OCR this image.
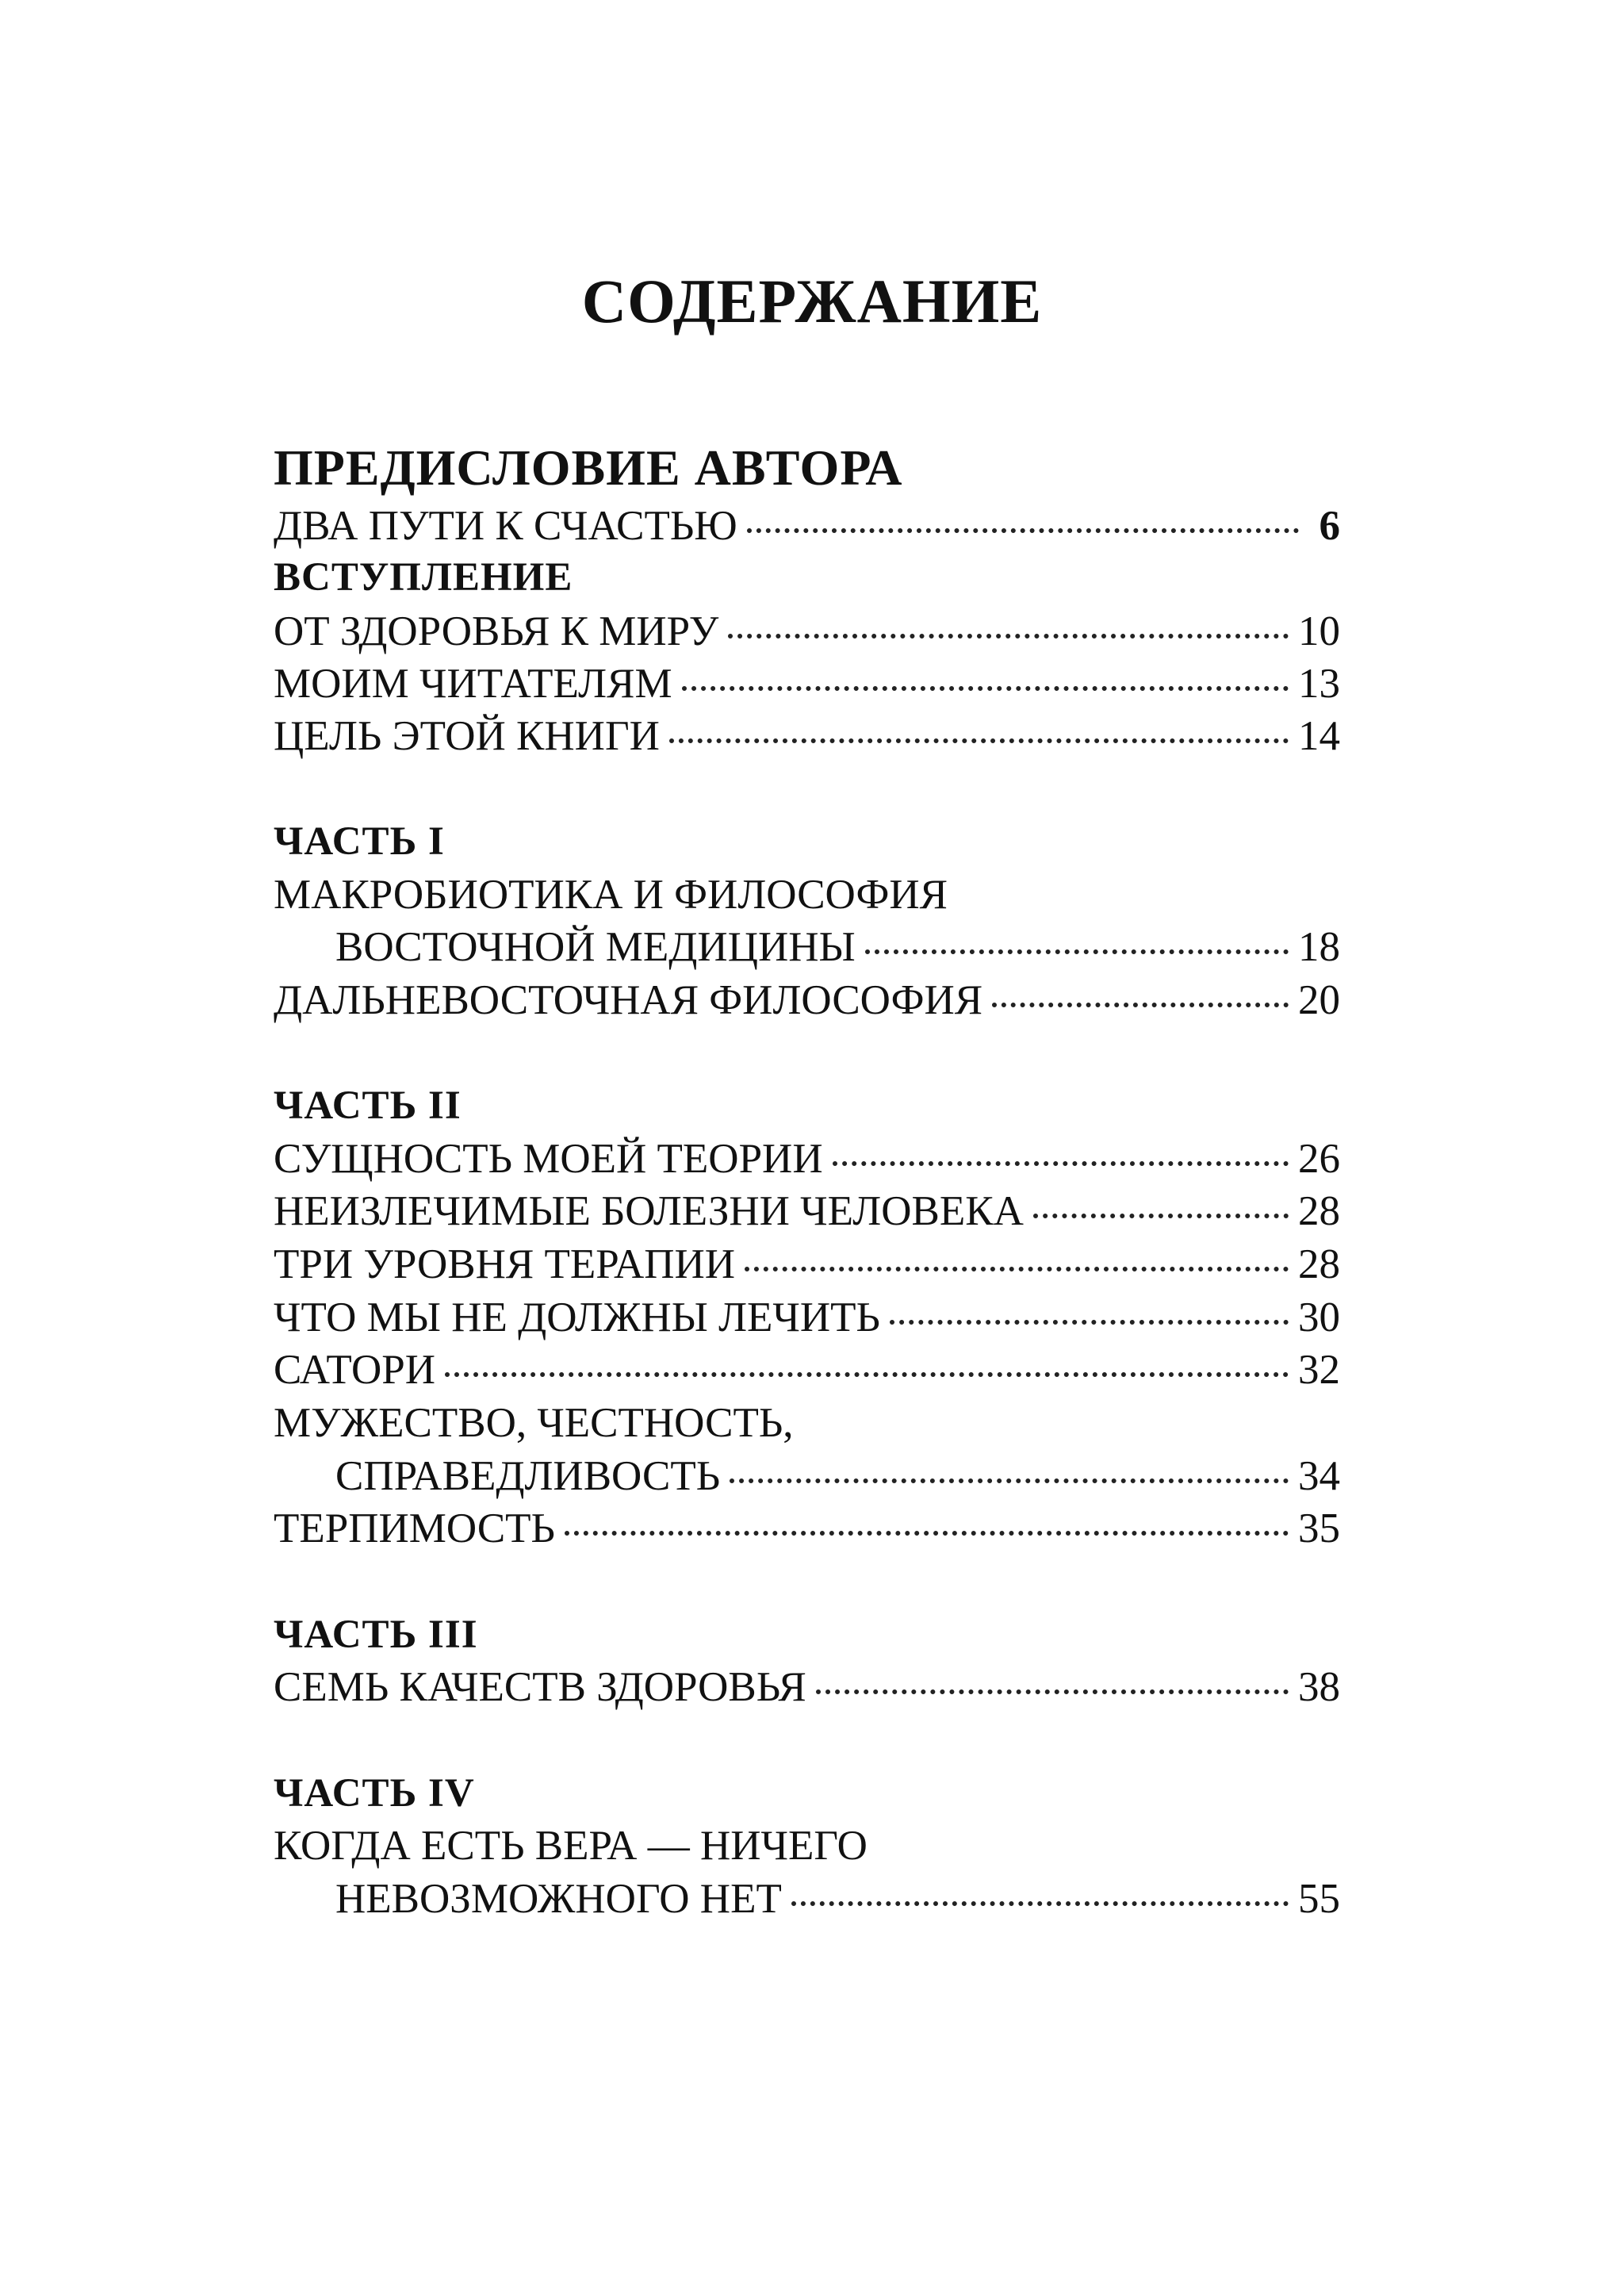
СОДЕРЖАНИЕ
ПРЕДИСЛОВИЕ АВТОРА
ДВА ПУТИ К СЧАСТЬЮ	6
ВСТУПЛЕНИЕ
ОТ ЗДОРОВЬЯ К МИРУ	10
МОИМ ЧИТАТЕЛЯМ	13
ЦЕЛЬ ЭТОЙ КНИГИ	14
ЧАСТЬ I
МАКРОБИОТИКА И ФИЛОСОФИЯ
ВОСТОЧНОЙ МЕДИЦИНЫ	18
ДАЛЬНЕВОСТОЧНАЯ ФИЛОСОФИЯ	20
ЧАСТЬ II
СУЩНОСТЬ МОЕЙ ТЕОРИИ	26
НЕИЗЛЕЧИМЫЕ БОЛЕЗНИ ЧЕЛОВЕКА	28
ТРИ УРОВНЯ ТЕРАПИИ	28
ЧТО МЫ НЕ ДОЛЖНЫ ЛЕЧИТЬ	30
САТОРИ	32
МУЖЕСТВО, ЧЕСТНОСТЬ,
СПРАВЕДЛИВОСТЬ	34
ТЕРПИМОСТЬ	35
ЧАСТЬ III
СЕМЬ КАЧЕСТВ ЗДОРОВЬЯ	38
ЧАСТЬ IV
КОГДА ЕСТЬ ВЕРА — НИЧЕГО
НЕВОЗМОЖНОГО НЕТ	55
